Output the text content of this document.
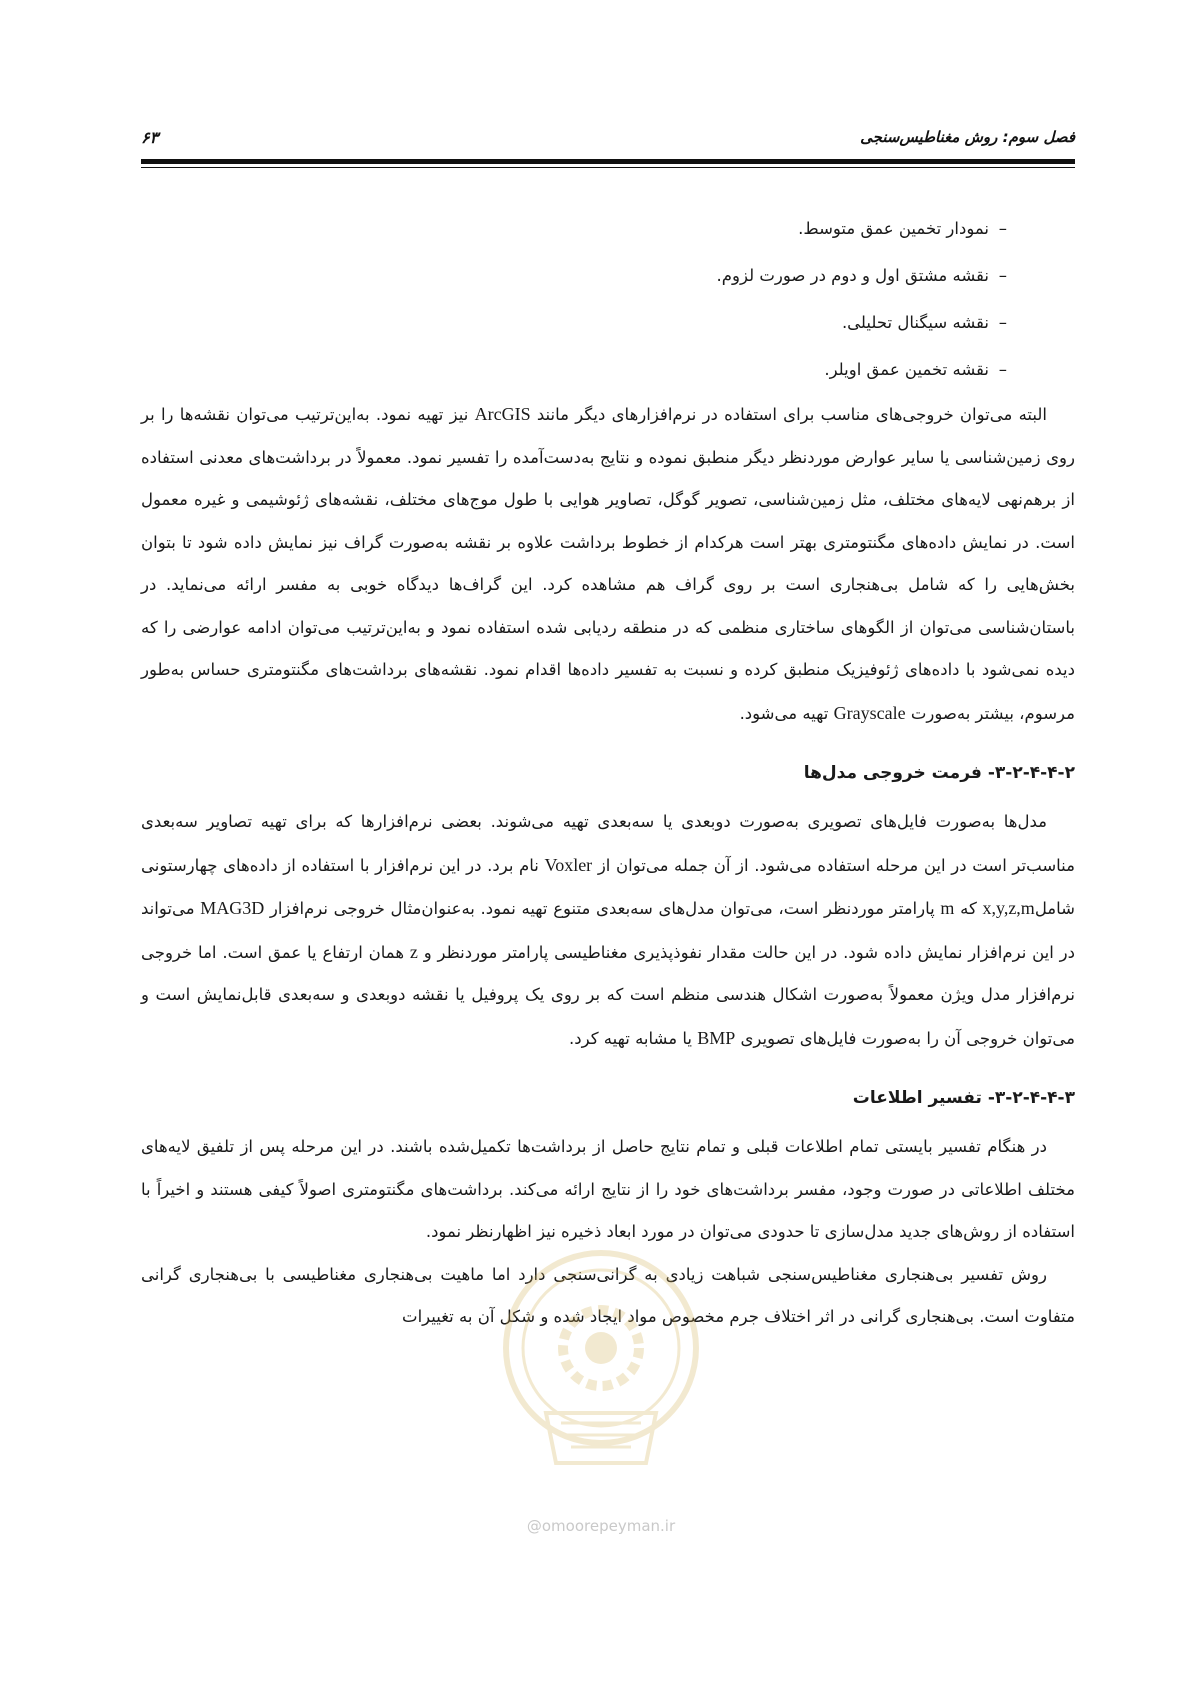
فصل سوم: روش مغناطیس‌سنجی
۶۳
–
نمودار تخمین عمق متوسط.
–
نقشه مشتق اول و دوم در صورت لزوم.
–
نقشه سیگنال تحلیلی.
–
نقشه تخمین عمق اویلر.

البته می‌توان خروجی‌های مناسب برای استفاده در نرم‌افزارهای دیگر مانند ArcGIS نیز تهیه نمود. به‌این‌ترتیب می‌توان نقشه‌ها را بر روی زمین‌شناسی یا سایر عوارض موردنظر دیگر منطبق نموده و نتایج به‌دست‌آمده را تفسیر نمود. معمولاً در برداشت‌های معدنی استفاده از برهم‌نهی لایه‌های مختلف، مثل زمین‌شناسی، تصویر گوگل، تصاویر هوایی با طول موج‌های مختلف، نقشه‌های ژئوشیمی و غیره معمول است. در نمایش داده‌های مگنتومتری بهتر است هرکدام از خطوط برداشت علاوه بر نقشه به‌صورت گراف نیز نمایش داده شود تا بتوان بخش‌هایی را که شامل بی‌هنجاری است بر روی گراف هم مشاهده کرد. این گراف‌ها دیدگاه خوبی به مفسر ارائه می‌نماید. در باستان‌شناسی می‌توان از الگوهای ساختاری منظمی که در منطقه ردیابی شده استفاده نمود و به‌این‌ترتیب می‌توان ادامه عوارضی را که دیده نمی‌شود با داده‌های ژئوفیزیک منطبق کرده و نسبت به تفسیر داده‌ها اقدام نمود. نقشه‌های برداشت‌های مگنتومتری حساس به‌طور مرسوم، بیشتر به‌صورت Grayscale تهیه می‌شود.

۳-۲-۴-۴-۲- فرمت خروجی مدل‌ها

مدل‌ها به‌صورت فایل‌های تصویری به‌صورت دوبعدی یا سه‌بعدی تهیه می‌شوند. بعضی نرم‌افزارها که برای تهیه تصاویر سه‌بعدی مناسب‌تر است در این مرحله استفاده می‌شود. از آن جمله می‌توان از Voxler نام برد. در این نرم‌افزار با استفاده از داده‌های چهارستونی شاملx,y,z,m که m پارامتر موردنظر است، می‌توان مدل‌های سه‌بعدی متنوع تهیه نمود. به‌عنوان‌مثال خروجی نرم‌افزار MAG3D می‌تواند در این نرم‌افزار نمایش داده شود. در این حالت مقدار نفوذپذیری مغناطیسی پارامتر موردنظر و z همان ارتفاع یا عمق است. اما خروجی نرم‌افزار مدل ویژن معمولاً به‌صورت اشکال هندسی منظم است که بر روی یک پروفیل یا نقشه دوبعدی و سه‌بعدی قابل‌نمایش است و می‌توان خروجی آن را به‌صورت فایل‌های تصویری BMP یا مشابه تهیه کرد.

۳-۲-۴-۴-۳- تفسیر اطلاعات

در هنگام تفسیر بایستی تمام اطلاعات قبلی و تمام نتایج حاصل از برداشت‌ها تکمیل‌شده باشند. در این مرحله پس از تلفیق لایه‌های مختلف اطلاعاتی در صورت وجود، مفسر برداشت‌های خود را از نتایج ارائه می‌کند. برداشت‌های مگنتومتری اصولاً کیفی هستند و اخیراً با استفاده از روش‌های جدید مدل‌سازی تا حدودی می‌توان در مورد ابعاد ذخیره نیز اظهارنظر نمود.

روش تفسیر بی‌هنجاری مغناطیس‌سنجی شباهت زیادی به گرانی‌سنجی دارد اما ماهیت بی‌هنجاری مغناطیسی با بی‌هنجاری گرانی متفاوت است. بی‌هنجاری گرانی در اثر اختلاف جرم مخصوص مواد ایجاد شده و شکل آن به تغییرات

@omoorepeyman.ir
